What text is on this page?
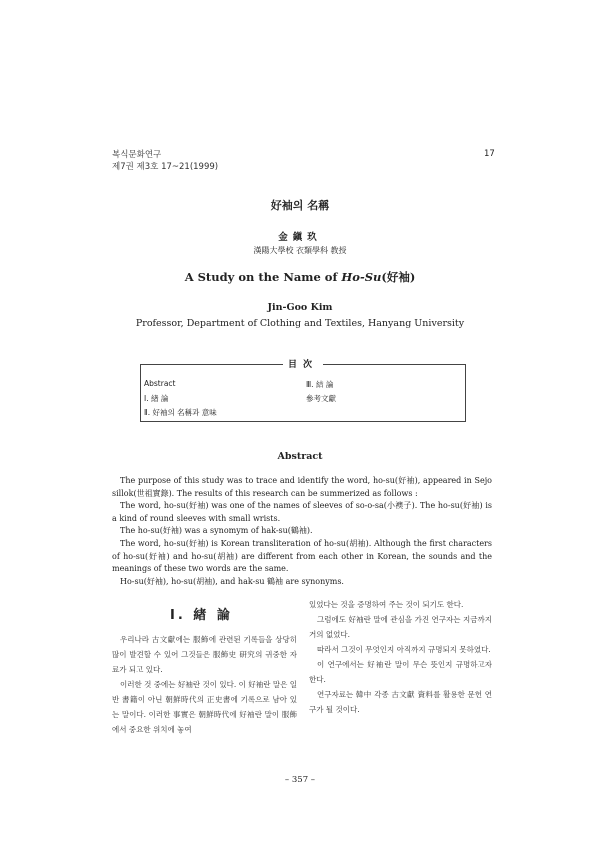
복식문화연구
제7권 제3호 17~21(1999)
17
好袖의 名稱
金鎭玖
漢陽大學校 衣類學科 教授
A Study on the Name of Ho-Su(好袖)
Jin-Goo Kim
Professor, Department of Clothing and Textiles, Hanyang University
Abstract
Ⅰ. 緖 論
Ⅱ. 好袖의 名稱과 意味
Ⅲ. 結 論
參考文獻
目次
Abstract

The purpose of this study was to trace and identify the word, ho-su(好袖), appeared in Sejo sillok(世祖實錄). The results of this research can be summerized as follows :

The word, ho-su(好袖) was one of the names of sleeves of so-o-sa(小襖子). The ho-su(好袖) is a kind of round sleeves with small wrists.

The ho-su(好袖) was a synomym of hak-su(鶴袖).

The word, ho-su(好袖) is Korean transliteration of ho-su(胡袖). Although the first characters of ho-su(好袖) and ho-su(胡袖) are different from each other in Korean, the sounds and the meanings of these two words are the same.

Ho-su(好袖), ho-su(胡袖), and hak-su 鶴袖 are synonyms.

Ⅰ. 緖 論

우리나라 古文獻에는 服飾에 관련된 기록들을 상당히 많이 발견할 수 있어 그것들은 服飾史 研究의 귀중한 자료가 되고 있다.

이러한 것 중에는 好袖란 것이 있다. 이 好袖란 말은 일반 書籍이 아닌 朝鮮時代의 正史書에 기록으로 남아 있는 말이다. 이러한 事實은 朝鮮時代에 好袖란 말이 服飾에서 중요한 위치에 놓여

있었다는 것을 증명하여 주는 것이 되기도 한다.

그럼에도 好袖란 말에 관심을 가진 연구자는 지금까지 거의 없었다.

따라서 그것이 무엇인지 아직까지 규명되지 못하였다.

이 연구에서는 好袖란 말이 무슨 뜻인지 규명하고자 한다.

연구자료는 韓中 각종 古文獻 資料를 활용한 문헌 연구가 될 것이다.

– 357 –
